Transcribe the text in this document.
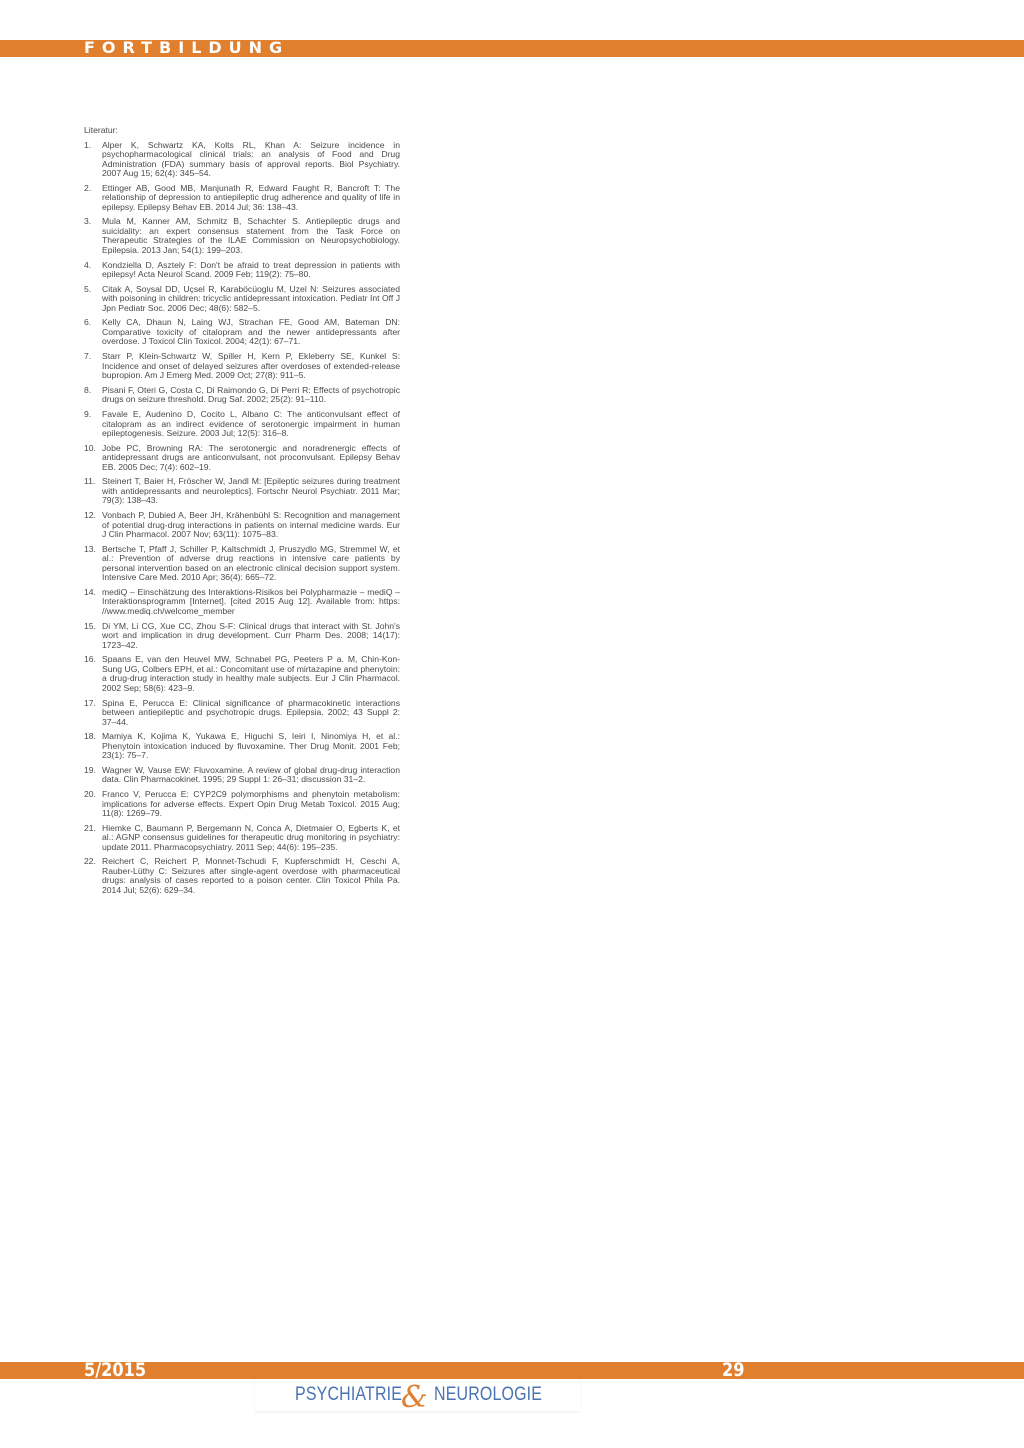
FORTBILDUNG
Literatur:
1. Alper K, Schwartz KA, Kolts RL, Khan A: Seizure incidence in psychopharmacological clinical trials: an analysis of Food and Drug Administration (FDA) summary basis of approval reports. Biol Psychiatry. 2007 Aug 15; 62(4): 345–54.
2. Ettinger AB, Good MB, Manjunath R, Edward Faught R, Bancroft T: The relationship of depression to antiepileptic drug adherence and quality of life in epilepsy. Epilepsy Behav EB. 2014 Jul; 36: 138–43.
3. Mula M, Kanner AM, Schmitz B, Schachter S. Antiepileptic drugs and suicidality: an expert consensus statement from the Task Force on Therapeutic Strategies of the ILAE Commission on Neuropsychobiology. Epilepsia. 2013 Jan; 54(1): 199–203.
4. Kondziella D, Asztely F: Don't be afraid to treat depression in patients with epilepsy! Acta Neurol Scand. 2009 Feb; 119(2): 75–80.
5. Citak A, Soysal DD, Uçsel R, Karaböcüoglu M, Uzel N: Seizures associated with poisoning in children: tricyclic antidepressant intoxication. Pediatr Int Off J Jpn Pediatr Soc. 2006 Dec; 48(6): 582–5.
6. Kelly CA, Dhaun N, Laing WJ, Strachan FE, Good AM, Bateman DN: Comparative toxicity of citalopram and the newer antidepressants after overdose. J Toxicol Clin Toxicol. 2004; 42(1): 67–71.
7. Starr P, Klein-Schwartz W, Spiller H, Kern P, Ekleberry SE, Kunkel S: Incidence and onset of delayed seizures after overdoses of extended-release bupropion. Am J Emerg Med. 2009 Oct; 27(8): 911–5.
8. Pisani F, Oteri G, Costa C, Di Raimondo G, Di Perri R: Effects of psychotropic drugs on seizure threshold. Drug Saf. 2002; 25(2): 91–110.
9. Favale E, Audenino D, Cocito L, Albano C: The anticonvulsant effect of citalopram as an indirect evidence of serotonergic impairment in human epileptogenesis. Seizure. 2003 Jul; 12(5): 316–8.
10. Jobe PC, Browning RA: The serotonergic and noradrenergic effects of antidepressant drugs are anticonvulsant, not proconvulsant. Epilepsy Behav EB. 2005 Dec; 7(4): 602–19.
11. Steinert T, Baier H, Fröscher W, Jandl M: [Epileptic seizures during treatment with antidepressants and neuroleptics]. Fortschr Neurol Psychiatr. 2011 Mar; 79(3): 138–43.
12. Vonbach P, Dubied A, Beer JH, Krähenbühl S: Recognition and management of potential drug-drug interactions in patients on internal medicine wards. Eur J Clin Pharmacol. 2007 Nov; 63(11): 1075–83.
13. Bertsche T, Pfaff J, Schiller P, Kaltschmidt J, Pruszydlo MG, Stremmel W, et al.: Prevention of adverse drug reactions in intensive care patients by personal intervention based on an electronic clinical decision support system. Intensive Care Med. 2010 Apr; 36(4): 665–72.
14. mediQ – Einschätzung des Interaktions-Risikos bei Polypharmazie – mediQ – Interaktionsprogramm [Internet]. [cited 2015 Aug 12]. Available from: https: //www.mediq.ch/welcome_member
15. Di YM, Li CG, Xue CC, Zhou S-F: Clinical drugs that interact with St. John's wort and implication in drug development. Curr Pharm Des. 2008; 14(17): 1723–42.
16. Spaans E, van den Heuvel MW, Schnabel PG, Peeters P a. M, Chin-Kon-Sung UG, Colbers EPH, et al.: Concomitant use of mirtazapine and phenytoin: a drug-drug interaction study in healthy male subjects. Eur J Clin Pharmacol. 2002 Sep; 58(6): 423–9.
17. Spina E, Perucca E: Clinical significance of pharmacokinetic interactions between antiepileptic and psychotropic drugs. Epilepsia. 2002; 43 Suppl 2: 37–44.
18. Mamiya K, Kojima K, Yukawa E, Higuchi S, Ieiri I, Ninomiya H, et al.: Phenytoin intoxication induced by fluvoxamine. Ther Drug Monit. 2001 Feb; 23(1): 75–7.
19. Wagner W, Vause EW: Fluvoxamine. A review of global drug-drug interaction data. Clin Pharmacokinet. 1995; 29 Suppl 1: 26–31; discussion 31–2.
20. Franco V, Perucca E: CYP2C9 polymorphisms and phenytoin metabolism: implications for adverse effects. Expert Opin Drug Metab Toxicol. 2015 Aug; 11(8): 1269–79.
21. Hiemke C, Baumann P, Bergemann N, Conca A, Dietmaier O, Egberts K, et al.: AGNP consensus guidelines for therapeutic drug monitoring in psychiatry: update 2011. Pharmacopsychiatry. 2011 Sep; 44(6): 195–235.
22. Reichert C, Reichert P, Monnet-Tschudi F, Kupferschmidt H, Ceschi A, Rauber-Lüthy C: Seizures after single-agent overdose with pharmaceutical drugs: analysis of cases reported to a poison center. Clin Toxicol Phila Pa. 2014 Jul; 52(6): 629–34.
5/2015	29
PSYCHIATRIE
& NEUROLOGIE
